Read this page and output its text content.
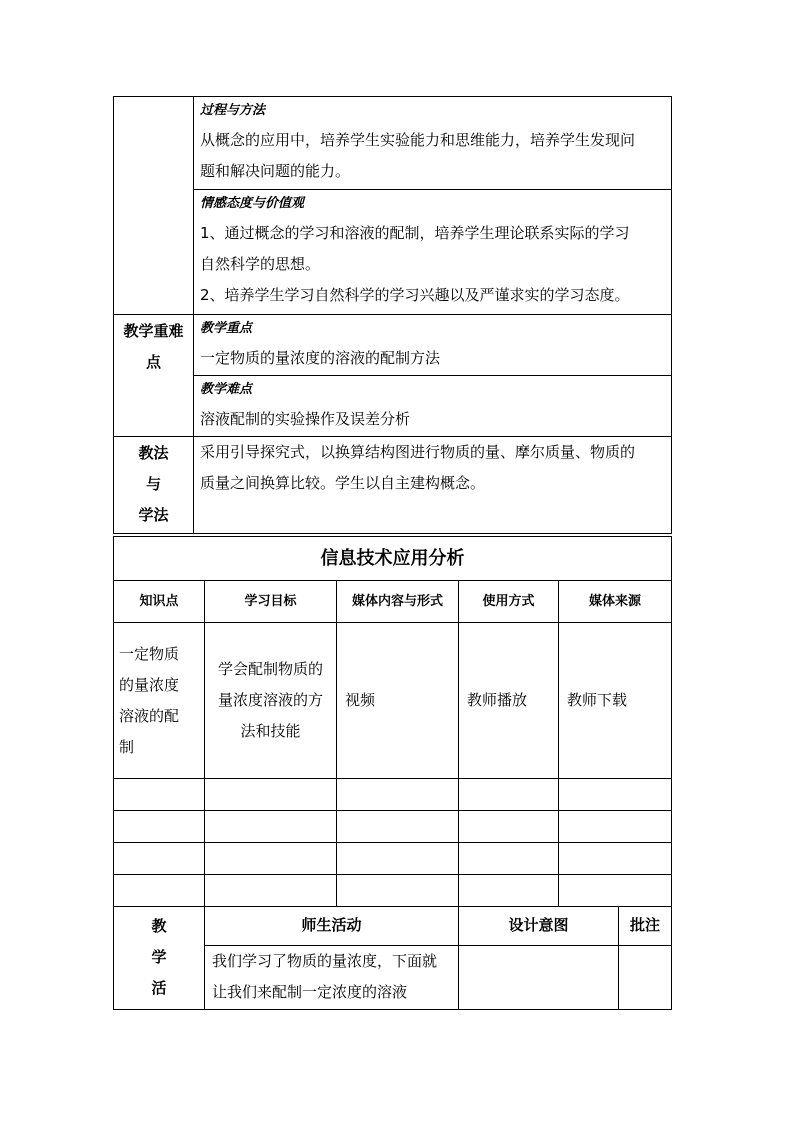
	过程与方法
从概念的应用中，培养学生实验能力和思维能力，培养学生发现问
题和解决问题的能力。

	情感态度与价值观
1、通过概念的学习和溶液的配制，培养学生理论联系实际的学习
自然科学的思想。
2、培养学生学习自然科学的学习兴趣以及严谨求实的学习态度。

教学重难
点	教学重点
一定物质的量浓度的溶液的配制方法

	教学难点
溶液配制的实验操作及误差分析

教法
与
学法	采用引导探究式，以换算结构图进行物质的量、摩尔质量、物质的
质量之间换算比较。学生以自主建构概念。
信息技术应用分析				
知识点	学习目标	媒体内容与形式	使用方式	媒体来源

一定物质
的量浓度
溶液的配
制	学会配制物质的
量浓度溶液的方
法和技能	视频	教师播放	教师下载

教
学
活	师生活动	设计意图	批注

	我们学习了物质的量浓度，下面就
让我们来配制一定浓度的溶液		
